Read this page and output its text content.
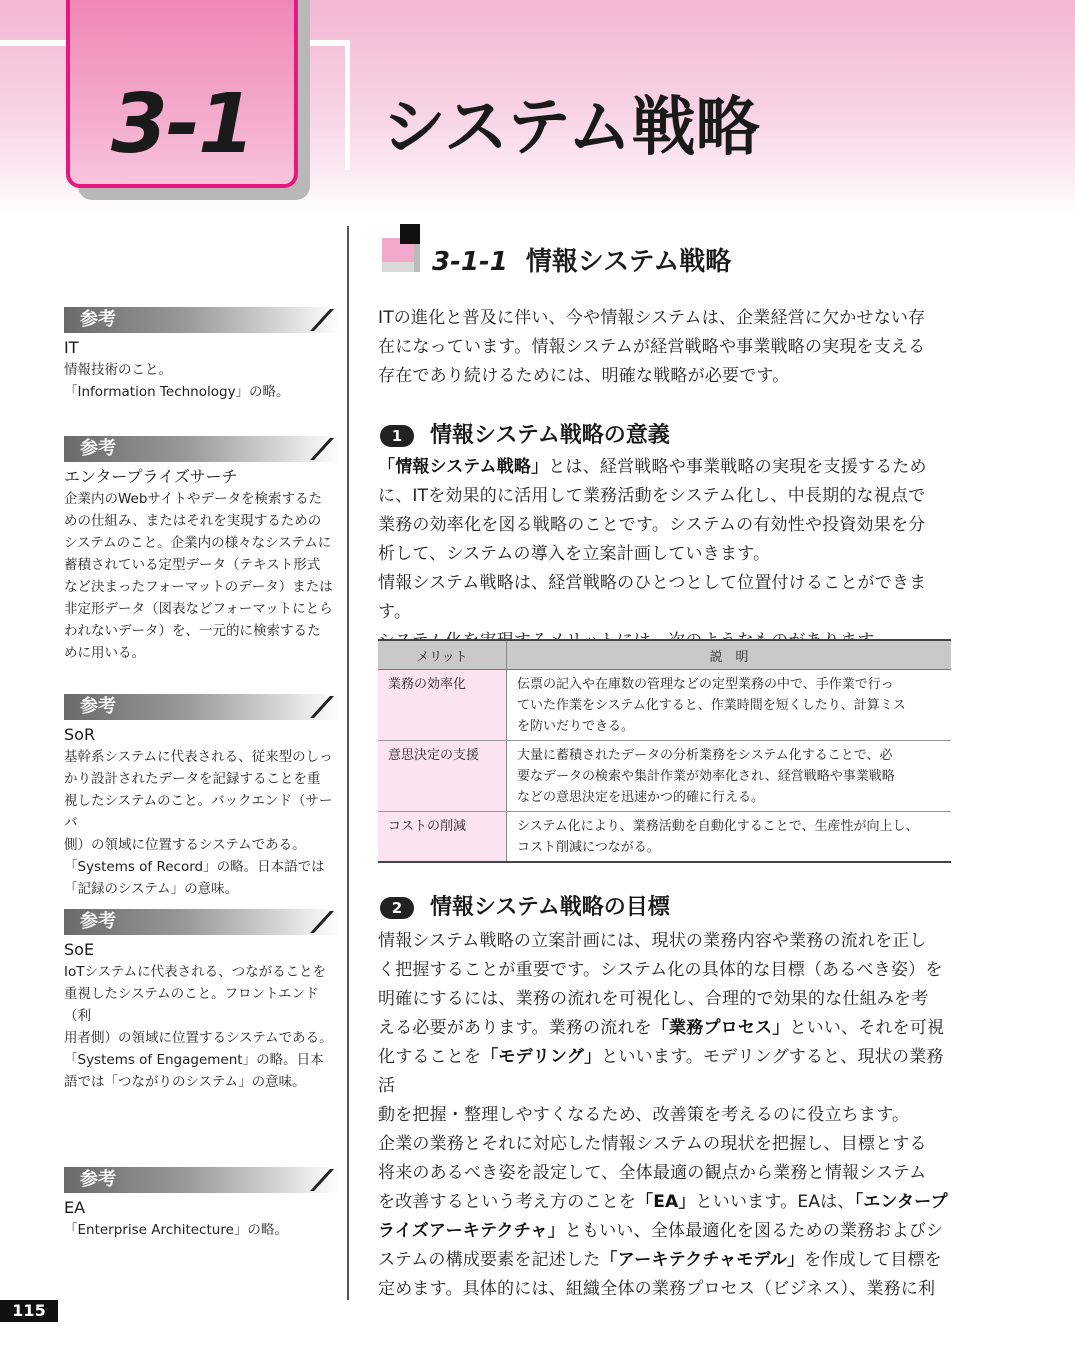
3-1	システム戦略
参考
IT

情報技術のこと。
「Information Technology」の略。

参考
エンタープライズサーチ

企業内のWebサイトやデータを検索するた
めの仕組み、またはそれを実現するための
システムのこと。企業内の様々なシステムに
蓄積されている定型データ（テキスト形式
など決まったフォーマットのデータ）または
非定形データ（図表などフォーマットにとら
われないデータ）を、一元的に検索するた
めに用いる。

参考
SoR

基幹系システムに代表される、従来型のしっ
かり設計されたデータを記録することを重
視したシステムのこと。バックエンド（サーバ
側）の領域に位置するシステムである。
「Systems of Record」の略。日本語では
「記録のシステム」の意味。

参考
SoE

IoTシステムに代表される、つながることを
重視したシステムのこと。フロントエンド（利
用者側）の領域に位置するシステムである。
「Systems of Engagement」の略。日本
語では「つながりのシステム」の意味。

参考
EA

「Enterprise Architecture」の略。

3-1-1 情報システム戦略

ITの進化と普及に伴い、今や情報システムは、企業経営に欠かせない存
在になっています。情報システムが経営戦略や事業戦略の実現を支える
存在であり続けるためには、明確な戦略が必要です。

1	情報システム戦略の意義

「情報システム戦略」とは、経営戦略や事業戦略の実現を支援するため
に、ITを効果的に活用して業務活動をシステム化し、中長期的な視点で
業務の効率化を図る戦略のことです。システムの有効性や投資効果を分
析して、システムの導入を立案計画していきます。
情報システム戦略は、経営戦略のひとつとして位置付けることができます。

メリット	説　明
業務の効率化	伝票の記入や在庫数の管理などの定型業務の中で、手作業で行っ
ていた作業をシステム化すると、作業時間を短くしたり、計算ミス
を防いだりできる。
意思決定の支援	大量に蓄積されたデータの分析業務をシステム化することで、必
要なデータの検索や集計作業が効率化され、経営戦略や事業戦略
などの意思決定を迅速かつ的確に行える。
コストの削減	システム化により、業務活動を自動化することで、生産性が向上し、
コスト削減につながる。
2	情報システム戦略の目標

情報システム戦略の立案計画には、現状の業務内容や業務の流れを正し
く把握することが重要です。システム化の具体的な目標（あるべき姿）を
明確にするには、業務の流れを可視化し、合理的で効果的な仕組みを考
える必要があります。業務の流れを「業務プロセス」といい、それを可視
化することを「モデリング」といいます。モデリングすると、現状の業務活
動を把握・整理しやすくなるため、改善策を考えるのに役立ちます。
企業の業務とそれに対応した情報システムの現状を把握し、目標とする
将来のあるべき姿を設定して、全体最適の観点から業務と情報システム
を改善するという考え方のことを「EA」といいます。EAは、「エンタープ
ライズアーキテクチャ」ともいい、全体最適化を図るための業務およびシ
ステムの構成要素を記述した「アーキテクチャモデル」を作成して目標を
定めます。具体的には、組織全体の業務プロセス（ビジネス）、業務に利

115
